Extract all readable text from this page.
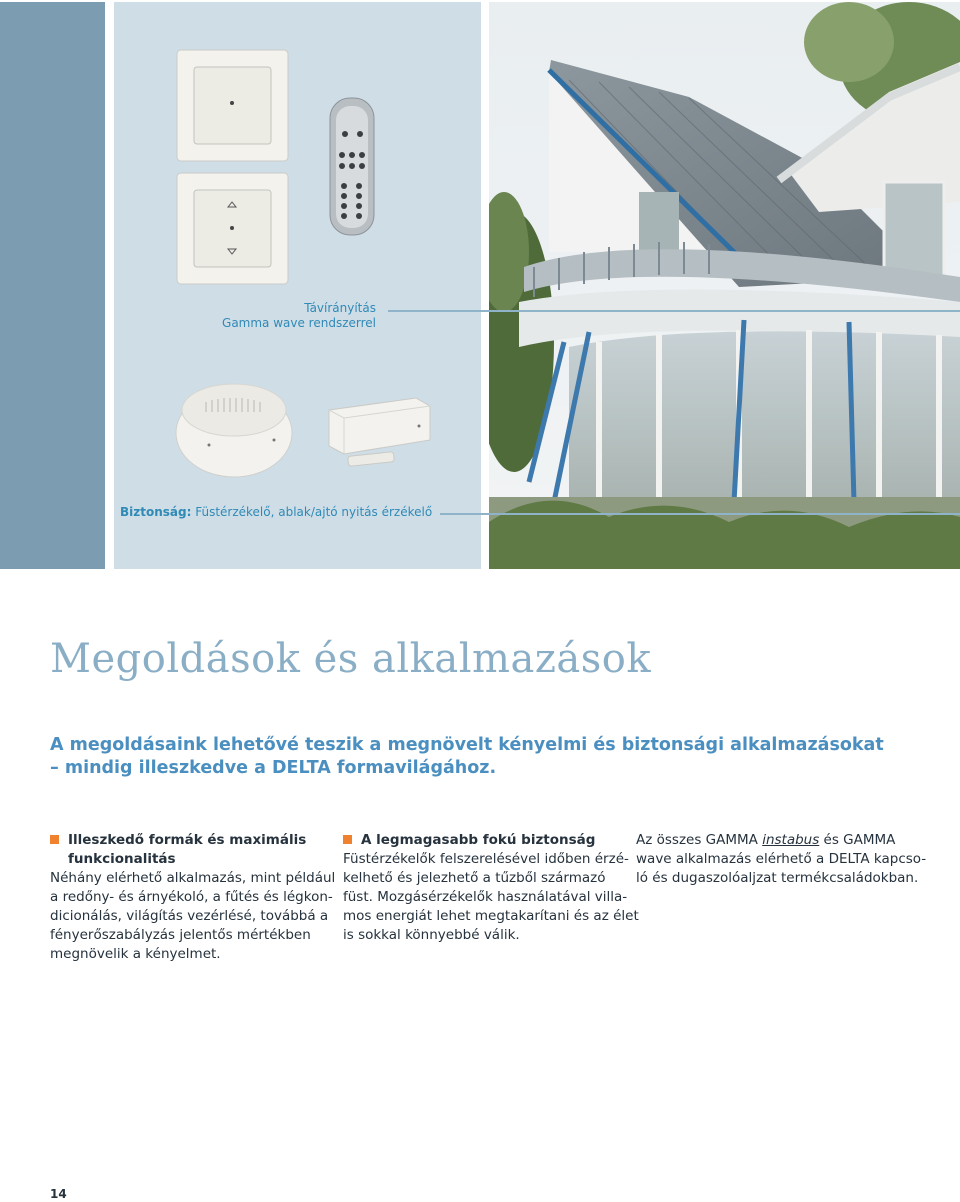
Távírányítás
Gamma wave rendszerrel
Biztonság: Füstérzékelő, ablak/ajtó nyitás érzékelő
Megoldások és alkalmazások
A megoldásaink lehetővé teszik a megnövelt kényelmi és biztonsági alkalmazásokat
– mindig illeszkedve a DELTA formavilágához.
Illeszkedő formák és maximális
funkcionalitás
Néhány elérhető alkalmazás, mint például
a redőny- és árnyékoló, a fűtés és légkon-
dicionálás, világítás vezérlésé, továbbá a
fényerőszabályzás jelentős mértékben
megnövelik a kényelmet.
A legmagasabb fokú biztonság
Füstérzékelők felszerelésével időben érzé-
kelhető és jelezhető a tűzből származó
füst. Mozgásérzékelők használatával villa-
mos energiát lehet megtakarítani és az élet
is sokkal könnyebbé válik.
Az összes GAMMA instabus és GAMMA
wave alkalmazás elérhető a DELTA kapcso-
ló és dugaszolóaljzat termékcsaládokban.
14
